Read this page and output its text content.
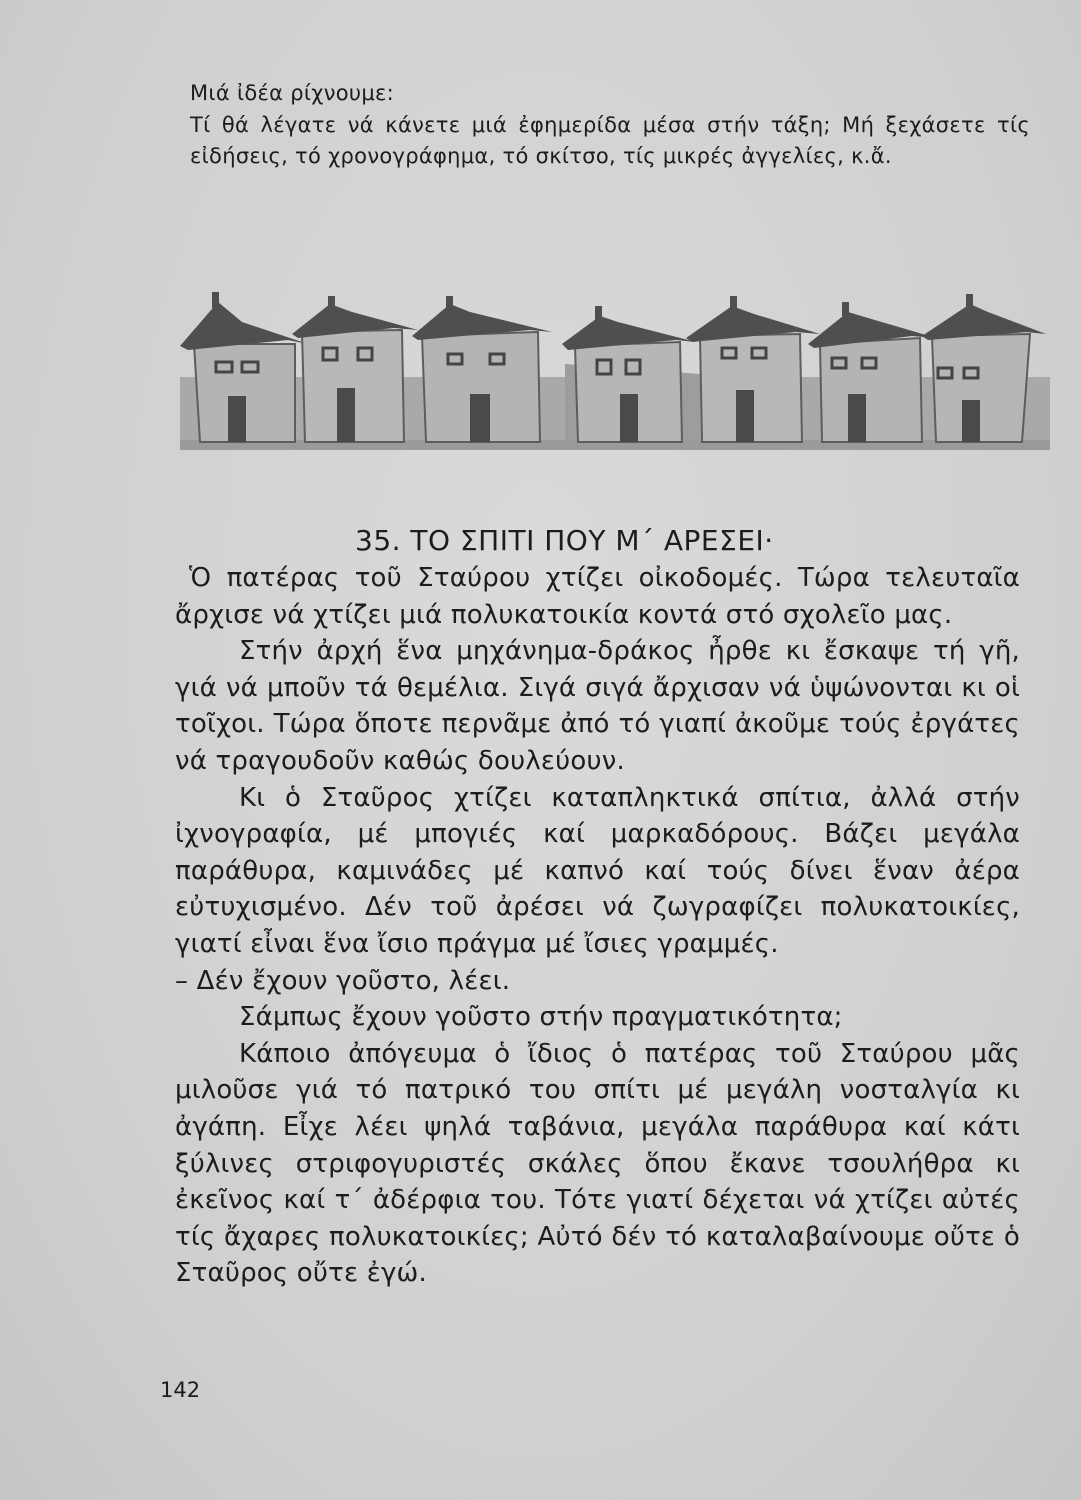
Μιά ἰδέα ρίχνουμε:

Τί θά λέγατε νά κάνετε μιά ἐφημερίδα μέσα στήν τάξη; Μή ξεχάσετε τίς εἰδήσεις, τό χρονογράφημα, τό σκίτσο, τίς μικρές ἀγγελίες, κ.ἄ.

35. ΤΟ ΣΠΙΤΙ ΠΟΥ Μ΄ ΑΡΕΣΕΙ·

Ὁ πατέρας τοῦ Σταύρου χτίζει οἰκοδομές. Τώρα τελευταῖα ἄρχισε νά χτίζει μιά πολυκατοικία κοντά στό σχολεῖο μας.

Στήν ἀρχή ἕνα μηχάνημα-δράκος ἦρθε κι ἔσκαψε τή γῆ, γιά νά μποῦν τά θεμέλια. Σιγά σιγά ἄρχισαν νά ὑψώνονται κι οἱ τοῖχοι. Τώρα ὅποτε περνᾶμε ἀπό τό γιαπί ἀκοῦμε τούς ἐργάτες νά τραγουδοῦν καθώς δουλεύουν.

Κι ὁ Σταῦρος χτίζει καταπληκτικά σπίτια, ἀλλά στήν ἰχνογραφία, μέ μπογιές καί μαρκαδόρους. Βάζει μεγάλα παράθυρα, καμινάδες μέ καπνό καί τούς δίνει ἕναν ἀέρα εὐτυχισμένο. Δέν τοῦ ἀρέσει νά ζωγραφίζει πολυκατοικίες, γιατί εἶναι ἕνα ἴσιο πράγμα μέ ἴσιες γραμμές.

– Δέν ἔχουν γοῦστο, λέει.

Σάμπως ἔχουν γοῦστο στήν πραγματικότητα;

Κάποιο ἀπόγευμα ὁ ἴδιος ὁ πατέρας τοῦ Σταύρου μᾶς μιλοῦσε γιά τό πατρικό του σπίτι μέ μεγάλη νοσταλγία κι ἀγάπη. Εἶχε λέει ψηλά ταβάνια, μεγάλα παράθυρα καί κάτι ξύλινες στριφογυριστές σκάλες ὅπου ἔκανε τσουλήθρα κι ἐκεῖνος καί τ΄ ἀδέρφια του. Τότε γιατί δέχεται νά χτίζει αὐτές τίς ἄχαρες πολυκατοικίες; Αὐτό δέν τό καταλαβαίνουμε οὔτε ὁ Σταῦρος οὔτε ἐγώ.

142
